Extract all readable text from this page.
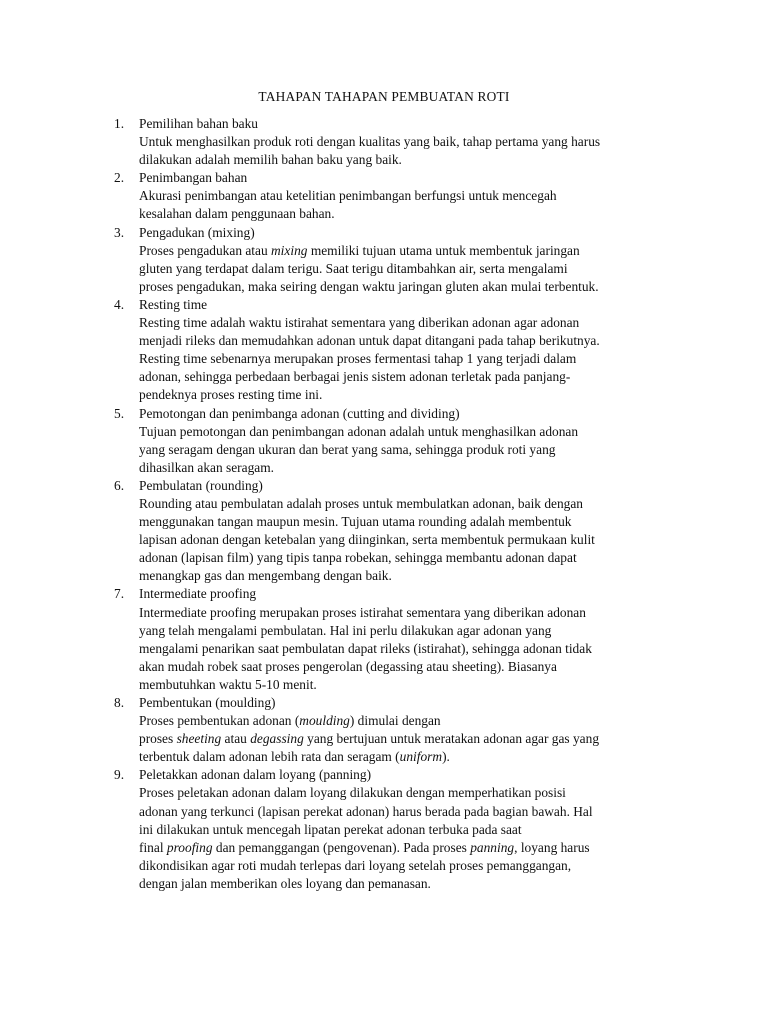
TAHAPAN TAHAPAN PEMBUATAN ROTI
1. Pemilihan bahan baku
Untuk menghasilkan produk roti dengan kualitas yang baik, tahap pertama yang harus
dilakukan adalah memilih bahan baku yang baik.
2. Penimbangan bahan
Akurasi penimbangan atau ketelitian penimbangan berfungsi untuk mencegah
kesalahan dalam penggunaan bahan.
3. Pengadukan (mixing)
Proses pengadukan atau mixing memiliki tujuan utama untuk membentuk jaringan
gluten yang terdapat dalam terigu. Saat terigu ditambahkan air, serta mengalami
proses pengadukan, maka seiring dengan waktu jaringan gluten akan mulai terbentuk.
4. Resting time
Resting time adalah waktu istirahat sementara yang diberikan adonan agar adonan
menjadi rileks dan memudahkan adonan untuk dapat ditangani pada tahap berikutnya.
Resting time sebenarnya merupakan proses fermentasi tahap 1 yang terjadi dalam
adonan, sehingga perbedaan berbagai jenis sistem adonan terletak pada panjang-
pendeknya proses resting time ini.
5. Pemotongan dan penimbanga adonan (cutting and dividing)
Tujuan pemotongan dan penimbangan adonan adalah untuk menghasilkan adonan
yang seragam dengan ukuran dan berat yang sama, sehingga produk roti yang
dihasilkan akan seragam.
6. Pembulatan (rounding)
Rounding atau pembulatan adalah proses untuk membulatkan adonan, baik dengan
menggunakan tangan maupun mesin. Tujuan utama rounding adalah membentuk
lapisan adonan dengan ketebalan yang diinginkan, serta membentuk permukaan kulit
adonan (lapisan film) yang tipis tanpa robekan, sehingga membantu adonan dapat
menangkap gas dan mengembang dengan baik.
7. Intermediate proofing
Intermediate proofing merupakan proses istirahat sementara yang diberikan adonan
yang telah mengalami pembulatan. Hal ini perlu dilakukan agar adonan yang
mengalami penarikan saat pembulatan dapat rileks (istirahat), sehingga adonan tidak
akan mudah robek saat proses pengerolan (degassing atau sheeting). Biasanya
membutuhkan waktu 5-10 menit.
8. Pembentukan (moulding)
Proses pembentukan adonan (moulding) dimulai dengan
proses sheeting atau degassing yang bertujuan untuk meratakan adonan agar gas yang
terbentuk dalam adonan lebih rata dan seragam (uniform).
9. Peletakkan adonan dalam loyang (panning)
Proses peletakan adonan dalam loyang dilakukan dengan memperhatikan posisi
adonan yang terkunci (lapisan perekat adonan) harus berada pada bagian bawah. Hal
ini dilakukan untuk mencegah lipatan perekat adonan terbuka pada saat
final proofing dan pemanggangan (pengovenan). Pada proses panning, loyang harus
dikondisikan agar roti mudah terlepas dari loyang setelah proses pemanggangan,
dengan jalan memberikan oles loyang dan pemanasan.
